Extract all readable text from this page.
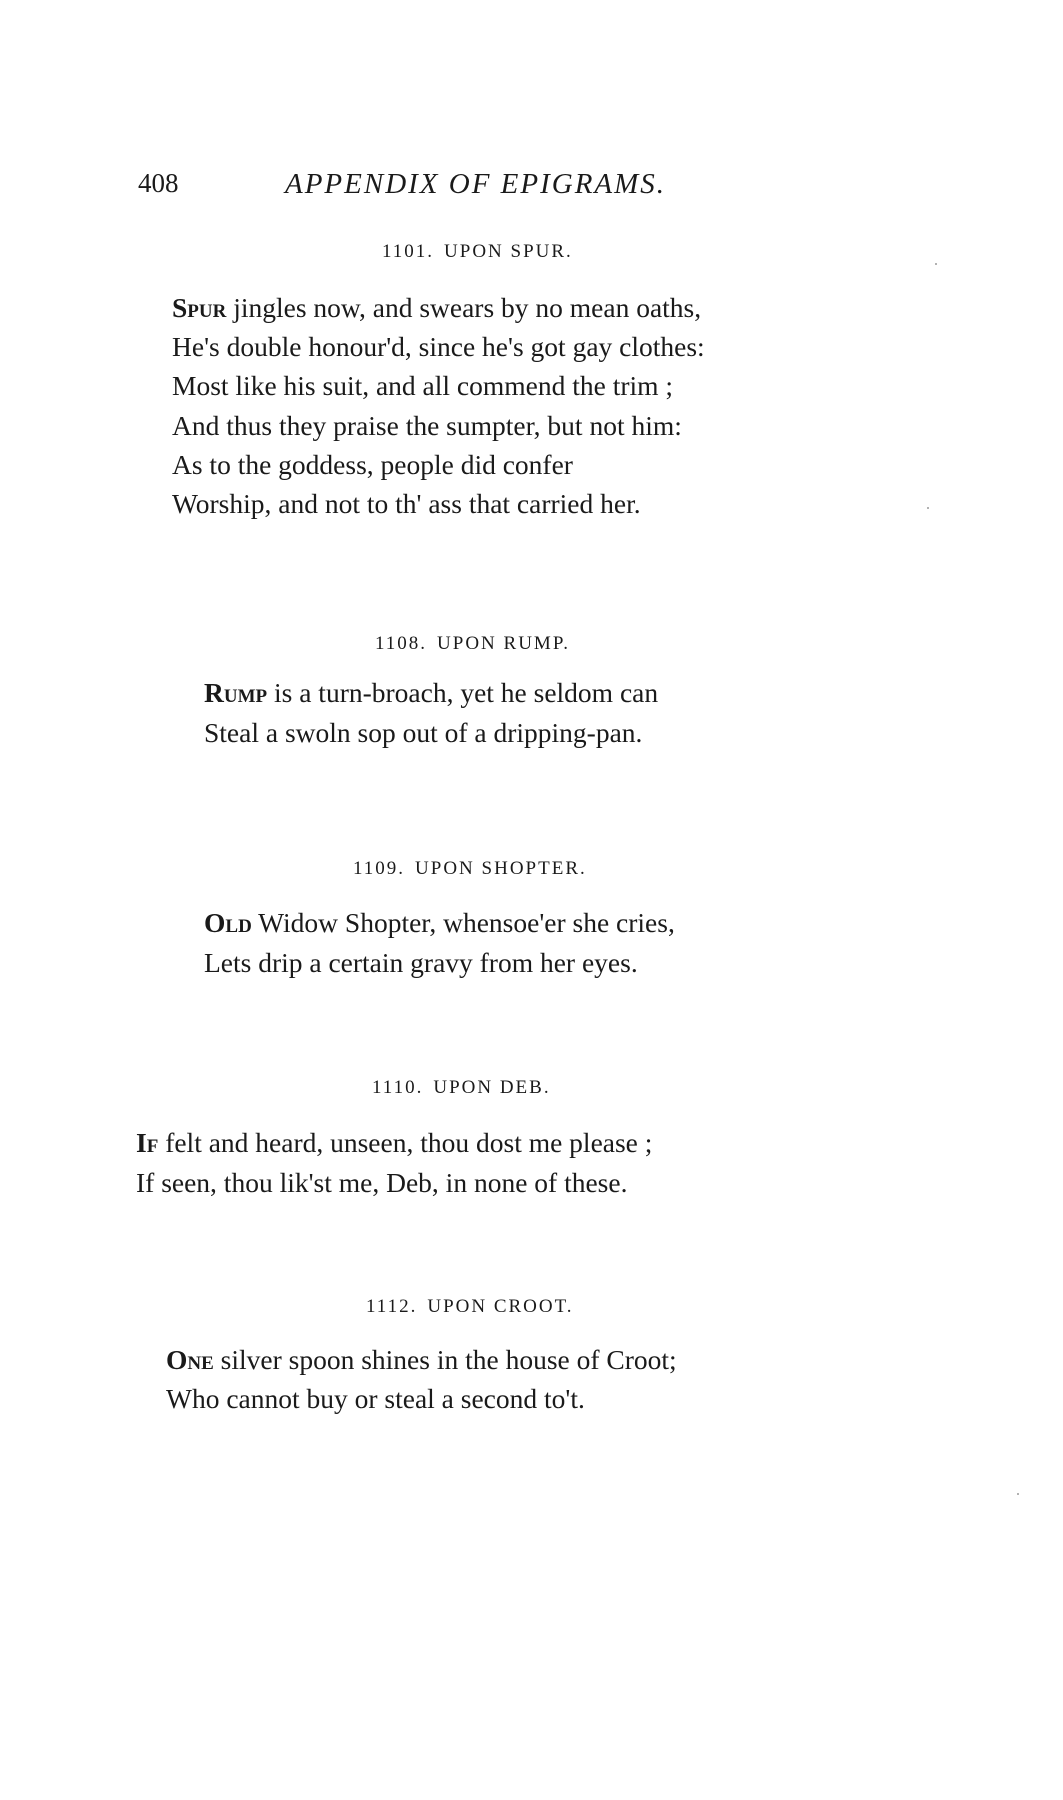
408	APPENDIX OF EPIGRAMS.
1101. UPON SPUR.
Spur jingles now, and swears by no mean oaths,
He's double honour'd, since he's got gay clothes:
Most like his suit, and all commend the trim ;
And thus they praise the sumpter, but not him:
As to the goddess, people did confer
Worship, and not to th' ass that carried her.
1108. UPON RUMP.
Rump is a turn-broach, yet he seldom can
Steal a swoln sop out of a dripping-pan.
1109. UPON SHOPTER.
Old Widow Shopter, whensoe'er she cries,
Lets drip a certain gravy from her eyes.
1110. UPON DEB.
If felt and heard, unseen, thou dost me please ;
If seen, thou lik'st me, Deb, in none of these.
1112. UPON CROOT.
One silver spoon shines in the house of Croot;
Who cannot buy or steal a second to't.
